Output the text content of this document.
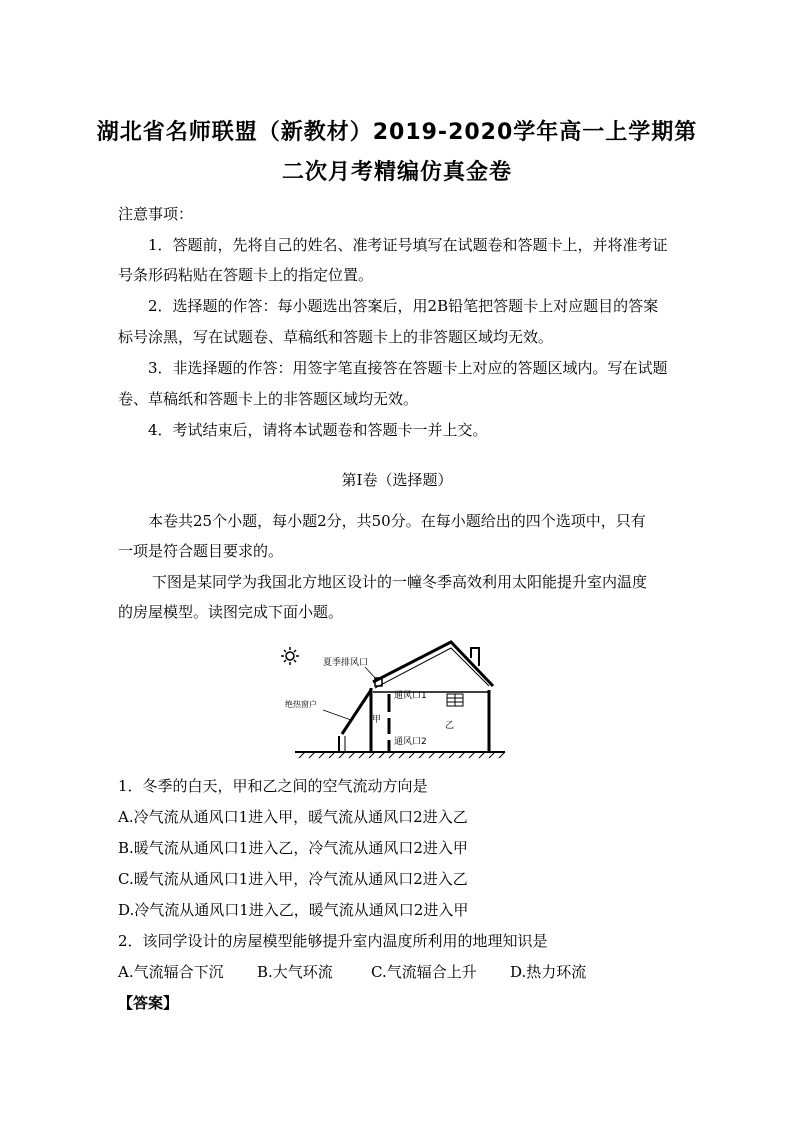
湖北省名师联盟（新教材）2019-2020学年高一上学期第
二次月考精编仿真金卷
注意事项：
1．答题前，先将自己的姓名、准考证号填写在试题卷和答题卡上，并将准考证
号条形码粘贴在答题卡上的指定位置。
2．选择题的作答：每小题选出答案后，用2B铅笔把答题卡上对应题目的答案
标号涂黑，写在试题卷、草稿纸和答题卡上的非答题区域均无效。
3．非选择题的作答：用签字笔直接答在答题卡上对应的答题区域内。写在试题
卷、草稿纸和答题卡上的非答题区域均无效。
4．考试结束后，请将本试题卷和答题卡一并上交。
第Ⅰ卷（选择题）
本卷共25个小题，每小题2分，共50分。在每小题给出的四个选项中，只有
一项是符合题目要求的。
下图是某同学为我国北方地区设计的一幢冬季高效利用太阳能提升室内温度
的房屋模型。读图完成下面小题。
夏季排风口
通风口1
绝热窗户
甲
乙
通风口2
1．冬季的白天，甲和乙之间的空气流动方向是
A.冷气流从通风口1进入甲，暖气流从通风口2进入乙
B.暖气流从通风口1进入乙，冷气流从通风口2进入甲
C.暖气流从通风口1进入甲，冷气流从通风口2进入乙
D.冷气流从通风口1进入乙，暖气流从通风口2进入甲
2．该同学设计的房屋模型能够提升室内温度所利用的地理知识是
A.气流辐合下沉 B.大气环流	C.气流辐合上升 D.热力环流
【答案】
